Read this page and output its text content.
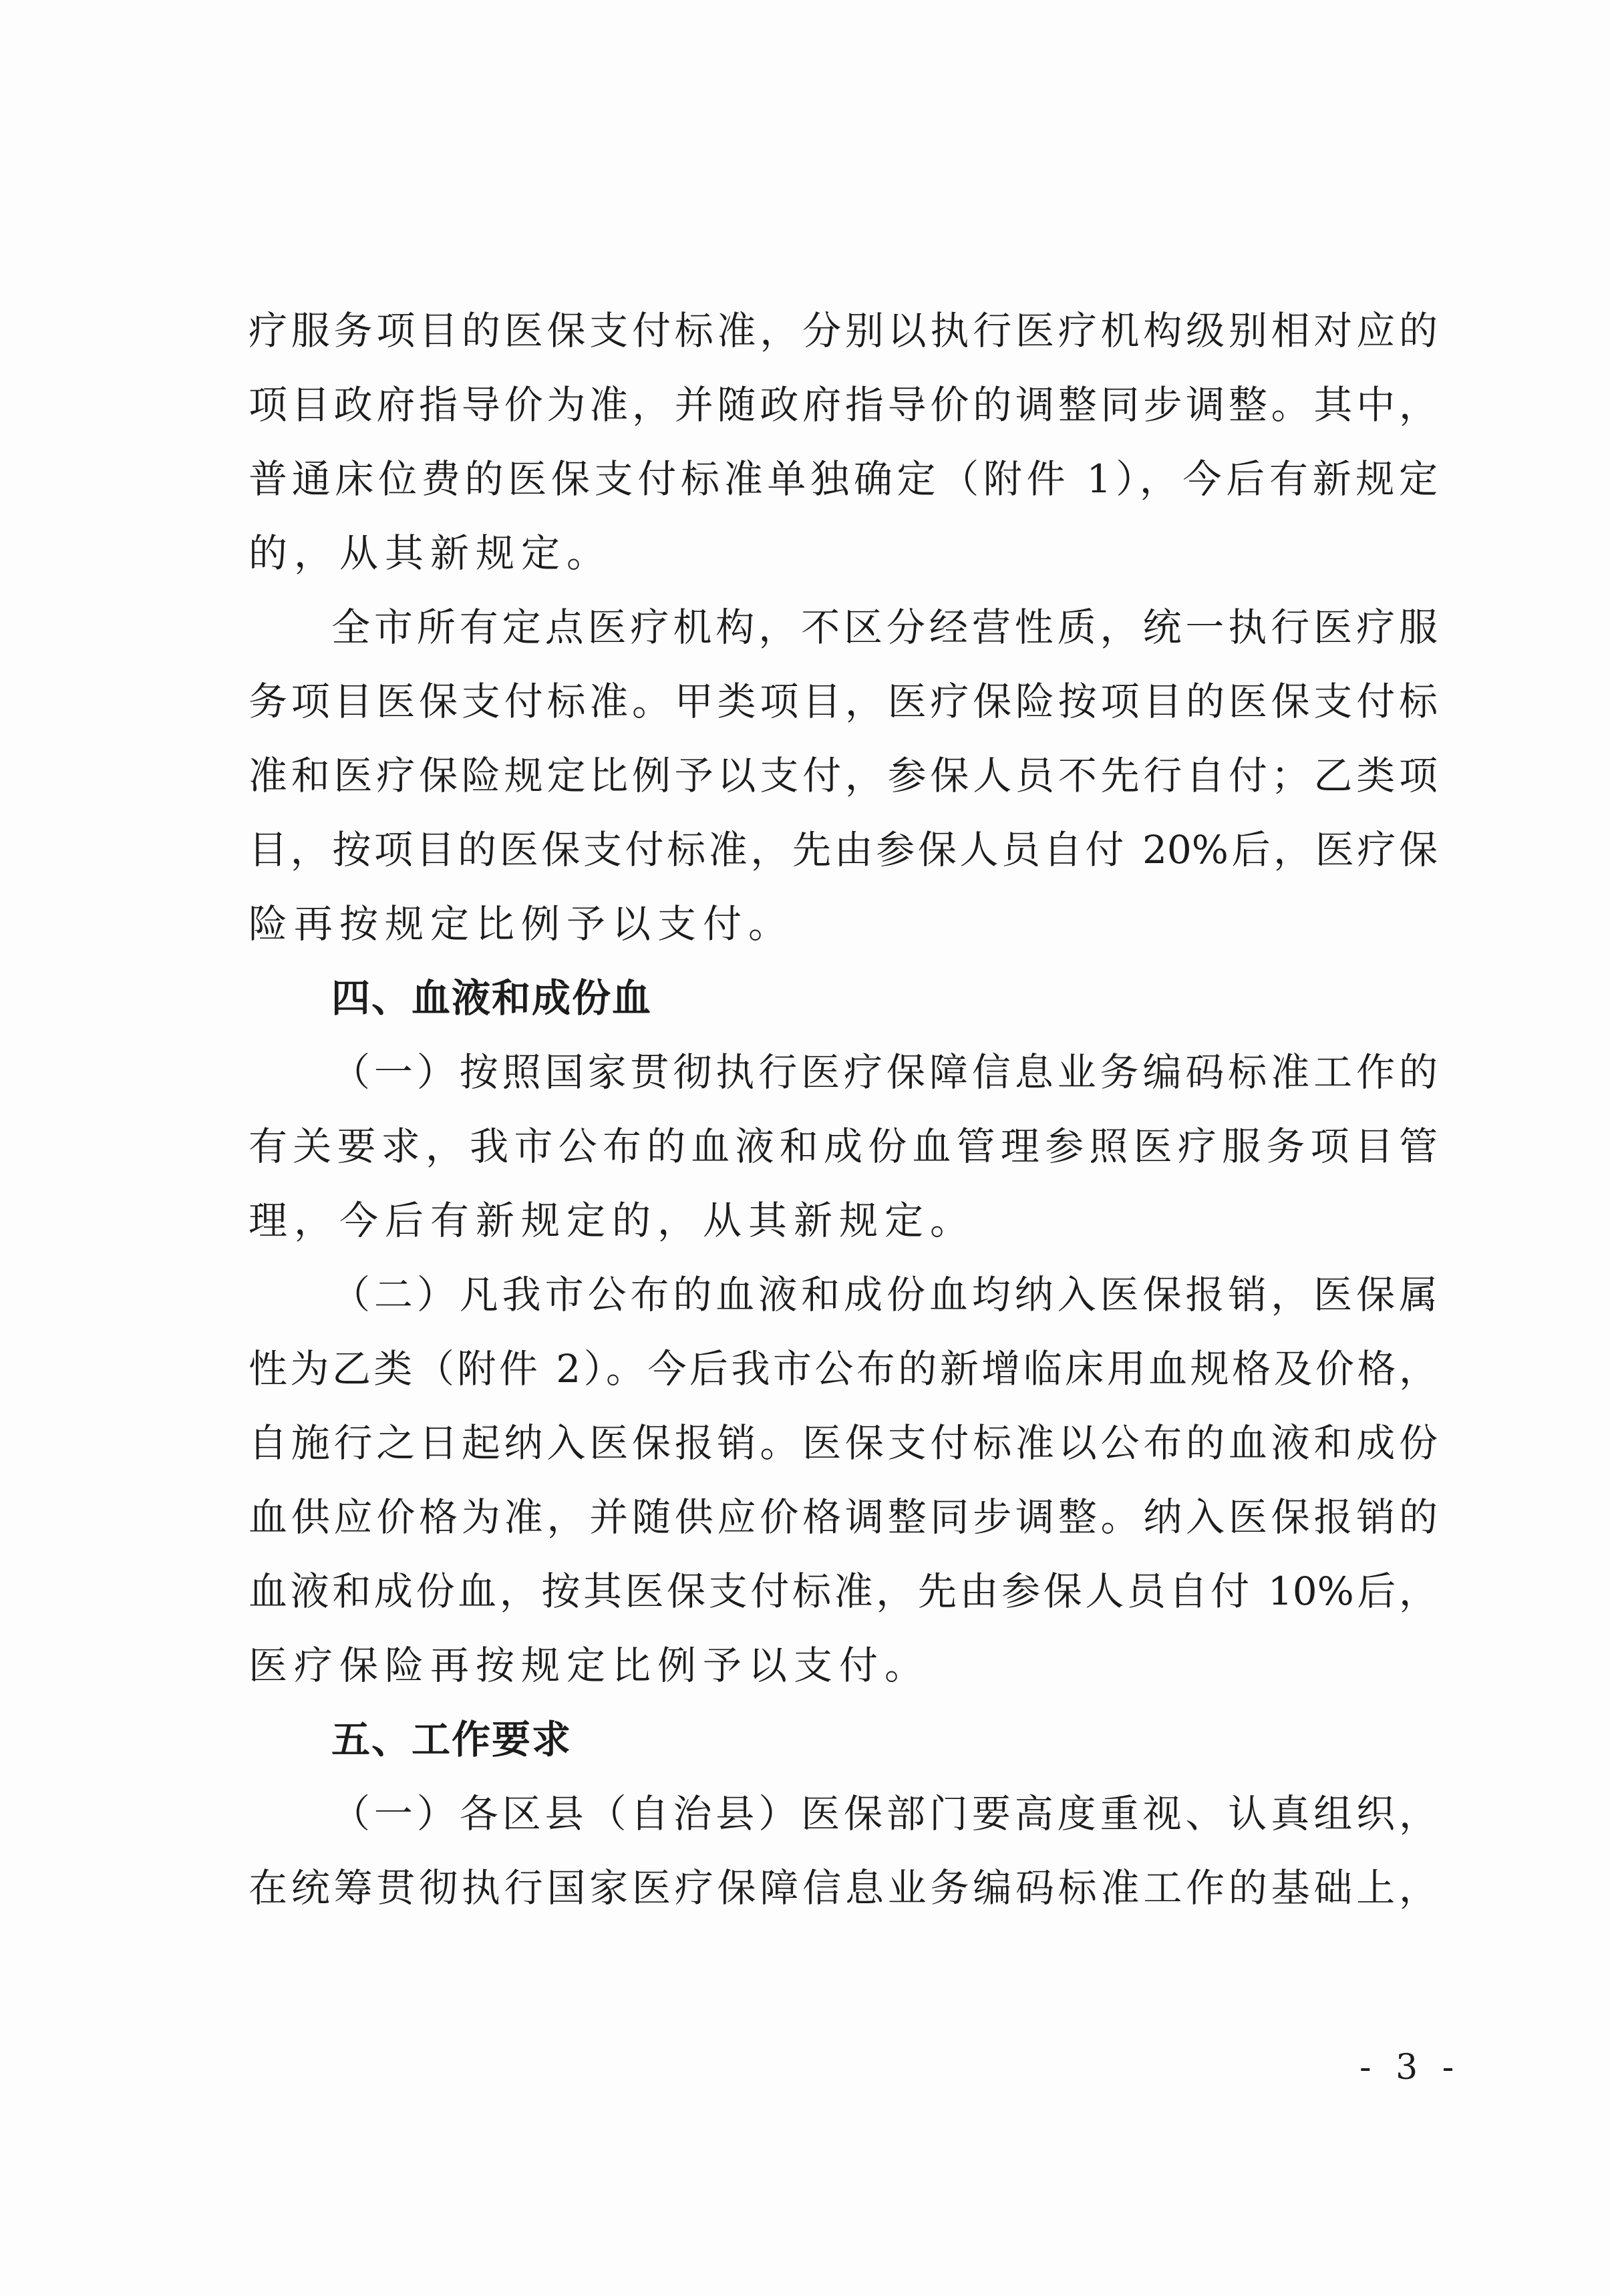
疗服务项目的医保支付标准，分别以执行医疗机构级别相对应的
项目政府指导价为准，并随政府指导价的调整同步调整。其中，
普通床位费的医保支付标准单独确定（附件 1），今后有新规定
的，从其新规定。
全市所有定点医疗机构，不区分经营性质，统一执行医疗服
务项目医保支付标准。甲类项目，医疗保险按项目的医保支付标
准和医疗保险规定比例予以支付，参保人员不先行自付；乙类项
目，按项目的医保支付标准，先由参保人员自付 20%后，医疗保
险再按规定比例予以支付。
四、血液和成份血
（一）按照国家贯彻执行医疗保障信息业务编码标准工作的
有关要求，我市公布的血液和成份血管理参照医疗服务项目管
理，今后有新规定的，从其新规定。
（二）凡我市公布的血液和成份血均纳入医保报销，医保属
性为乙类（附件 2）。今后我市公布的新增临床用血规格及价格，
自施行之日起纳入医保报销。医保支付标准以公布的血液和成份
血供应价格为准，并随供应价格调整同步调整。纳入医保报销的
血液和成份血，按其医保支付标准，先由参保人员自付 10%后，
医疗保险再按规定比例予以支付。
五、工作要求
（一）各区县（自治县）医保部门要高度重视、认真组织，
在统筹贯彻执行国家医疗保障信息业务编码标准工作的基础上，
- 3 -
